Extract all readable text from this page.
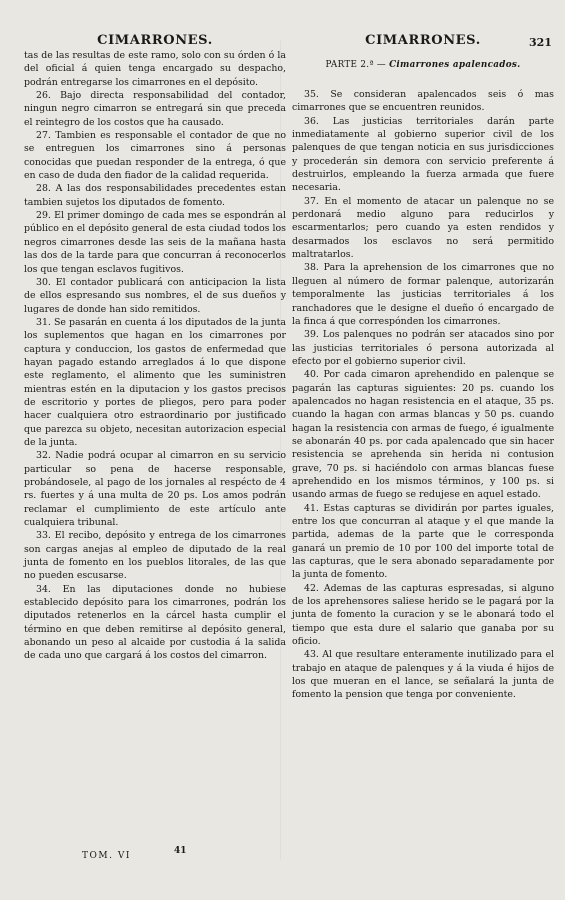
CIMARRONES.

tas de las resultas de este ramo, solo con su órden ó la del oficial á quien tenga encargado su despacho, podrán entregarse los cimarrones en el depósito.

26. Bajo directa responsabilidad del contador, ningun negro cimarron se entregará sin que preceda el reintegro de los costos que ha causado.

27. Tambien es responsable el contador de que no se entreguen los cimarrones sino á personas conocidas que puedan responder de la entrega, ó que en caso de duda den fiador de la calidad requerida.

28. A las dos responsabilidades precedentes estan tambien sujetos los diputados de fomento.

29. El primer domingo de cada mes se espondrán al público en el depósito general de esta ciudad todos los negros cimarrones desde las seis de la mañana hasta las dos de la tarde para que concurran á reconocerlos los que tengan esclavos fugitivos.

30. El contador publicará con anticipacion la lista de ellos espresando sus nombres, el de sus dueños y lugares de donde han sido remitidos.

31. Se pasarán en cuenta á los diputados de la junta los suplementos que hagan en los cimarrones por captura y conduccion, los gastos de enfermedad que hayan pagado estando arreglados á lo que dispone este reglamento, el alimento que les suministren mientras estén en la diputacion y los gastos precisos de escritorio y portes de pliegos, pero para poder hacer cualquiera otro estraordinario por justificado que parezca su objeto, necesitan autorizacion especial de la junta.

32. Nadie podrá ocupar al cimarron en su servicio particular so pena de hacerse responsable, probándosele, al pago de los jornales al respécto de 4 rs. fuertes y á una multa de 20 ps. Los amos podrán reclamar el cumplimiento de este artículo ante cualquiera tribunal.

33. El recibo, depósito y entrega de los cimarrones son cargas anejas al empleo de diputado de la real junta de fomento en los pueblos litorales, de las que no pueden escusarse.

34. En las diputaciones donde no hubiese establecido depósito para los cimarrones, podrán los diputados retenerlos en la cárcel hasta cumplir el término en que deben remitirse al depósito general, abonando un peso al alcaide por custodia á la salida de cada uno que cargará á los costos del cimarron.

TOM. VI	41
CIMARRONES.	321
PARTE 2.ª — Cimarrones apalencados.

35. Se consideran apalencados seis ó mas cimarrones que se encuentren reunidos.

36. Las justicias territoriales darán parte inmediatamente al gobierno superior civil de los palenques de que tengan noticia en sus jurisdicciones y procederán sin demora con servicio preferente á destruirlos, empleando la fuerza armada que fuere necesaria.

37. En el momento de atacar un palenque no se perdonará medio alguno para reducirlos y escarmentarlos; pero cuando ya esten rendidos y desarmados los esclavos no será permitido maltratarlos.

38. Para la aprehension de los cimarrones que no lleguen al número de formar palenque, autorizarán temporalmente las justicias territoriales á los ranchadores que le designe el dueño ó encargado de la finca á que correspónden los cimarrones.

39. Los palenques no podrán ser atacados sino por las justicias territoriales ó persona autorizada al efecto por el gobierno superior civil.

40. Por cada cimaron aprehendido en palenque se pagarán las capturas siguientes: 20 ps. cuando los apalencados no hagan resistencia en el ataque, 35 ps. cuando la hagan con armas blancas y 50 ps. cuando hagan la resistencia con armas de fuego, é igualmente se abonarán 40 ps. por cada apalencado que sin hacer resistencia se aprehenda sin herida ni contusion grave, 70 ps. si haciéndolo con armas blancas fuese aprehendido en los mismos términos, y 100 ps. si usando armas de fuego se redujese en aquel estado.

41. Estas capturas se dividirán por partes iguales, entre los que concurran al ataque y el que mande la partida, ademas de la parte que le corresponda ganará un premio de 10 por 100 del importe total de las capturas, que le sera abonado separadamente por la junta de fomento.

42. Ademas de las capturas espresadas, si alguno de los aprehensores saliese herido se le pagará por la junta de fomento la curacion y se le abonará todo el tiempo que esta dure el salario que ganaba por su oficio.

43. Al que resultare enteramente inutilizado para el trabajo en ataque de palenques y á la viuda é hijos de los que mueran en el lance, se señalará la junta de fomento la pension que tenga por conveniente.
